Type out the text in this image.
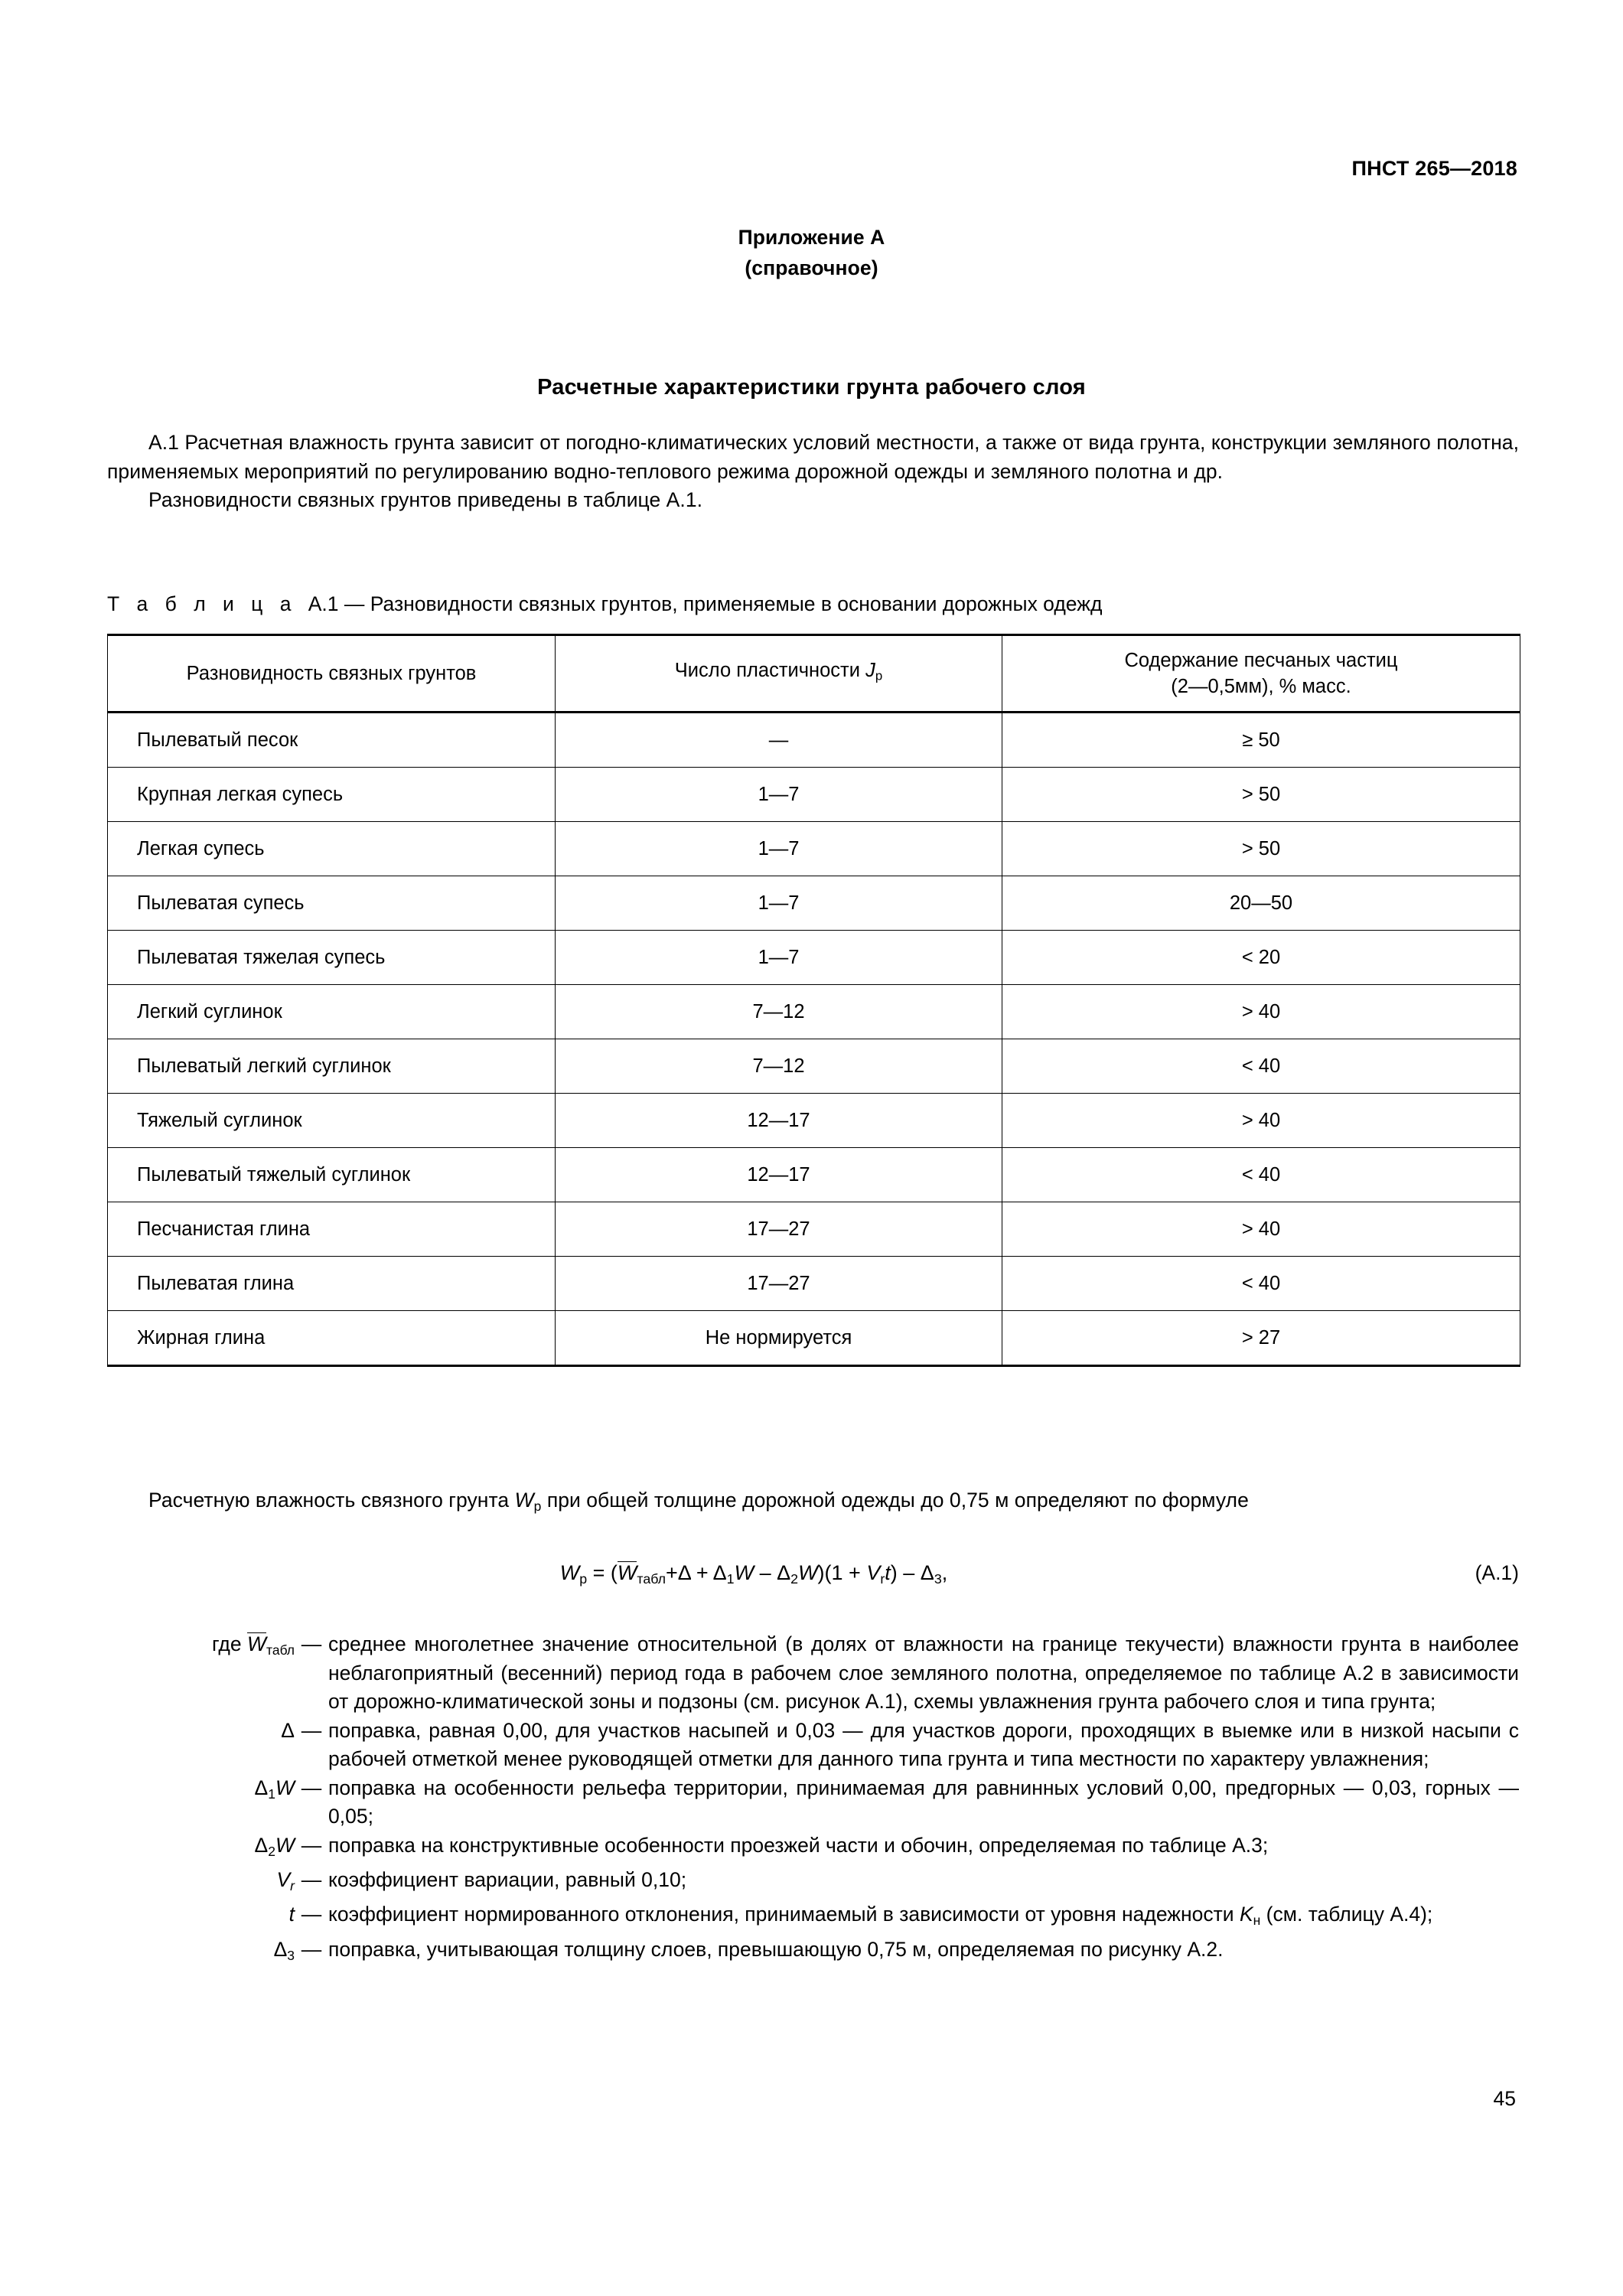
ПНСТ 265—2018
Приложение А
(справочное)
Расчетные характеристики грунта рабочего слоя

А.1 Расчетная влажность грунта зависит от погодно-климатических условий местности, а также от вида грунта, конструкции земляного полотна, применяемых мероприятий по регулированию водно-теплового режима дорожной одежды и земляного полотна и др.

Разновидности связных грунтов приведены в таблице А.1.

Т а б л и ц а А.1 — Разновидности связных грунтов, применяемые в основании дорожных одежд
Разновидность связных грунтов	Число пластичности $J_p$	Содержание песчаных частиц
(2—0,5мм), % масс.
Пылеватый песок	—	≥ 50
Крупная легкая супесь	1—7	> 50
Легкая супесь	1—7	> 50
Пылеватая супесь	1—7	20—50
Пылеватая тяжелая супесь	1—7	< 20
Легкий суглинок	7—12	> 40
Пылеватый легкий суглинок	7—12	< 40
Тяжелый суглинок	12—17	> 40
Пылеватый тяжелый суглинок	12—17	< 40
Песчанистая глина	17—27	> 40
Пылеватая глина	17—27	< 40
Жирная глина	Не нормируется	> 27

Расчетную влажность связного грунта $W_р$ при общей толщине дорожной одежды до 0,75 м определяют по формуле

$W_р = (W_{табл}+\Delta + \Delta_1W - \Delta_2W)(1 + V_rt) - \Delta_3$,	(А.1)
где $W_{табл}$ — среднее многолетнее значение относительной (в долях от влажности на границе текучести) влажности грунта в наиболее неблагоприятный (весенний) период года в рабочем слое земляного полотна, определяемое по таблице А.2 в зависимости от дорожно-климатической зоны и подзоны (см. рисунок А.1), схемы увлажнения грунта рабочего слоя и типа грунта;
Δ — поправка, равная 0,00, для участков насыпей и 0,03 — для участков дороги, проходящих в выемке или в низкой насыпи с рабочей отметкой менее руководящей отметки для данного типа грунта и типа местности по характеру увлажнения;
$\Delta_1W$ — поправка на особенности рельефа территории, принимаемая для равнинных условий 0,00, предгорных — 0,03, горных — 0,05;
$\Delta_2W$ — поправка на конструктивные особенности проезжей части и обочин, определяемая по таблице А.3;
$V_r$ — коэффициент вариации, равный 0,10;
t — коэффициент нормированного отклонения, принимаемый в зависимости от уровня надежности $K_н$ (см. таблицу А.4);
$\Delta_3$ — поправка, учитывающая толщину слоев, превышающую 0,75 м, определяемая по рисунку А.2.
45
